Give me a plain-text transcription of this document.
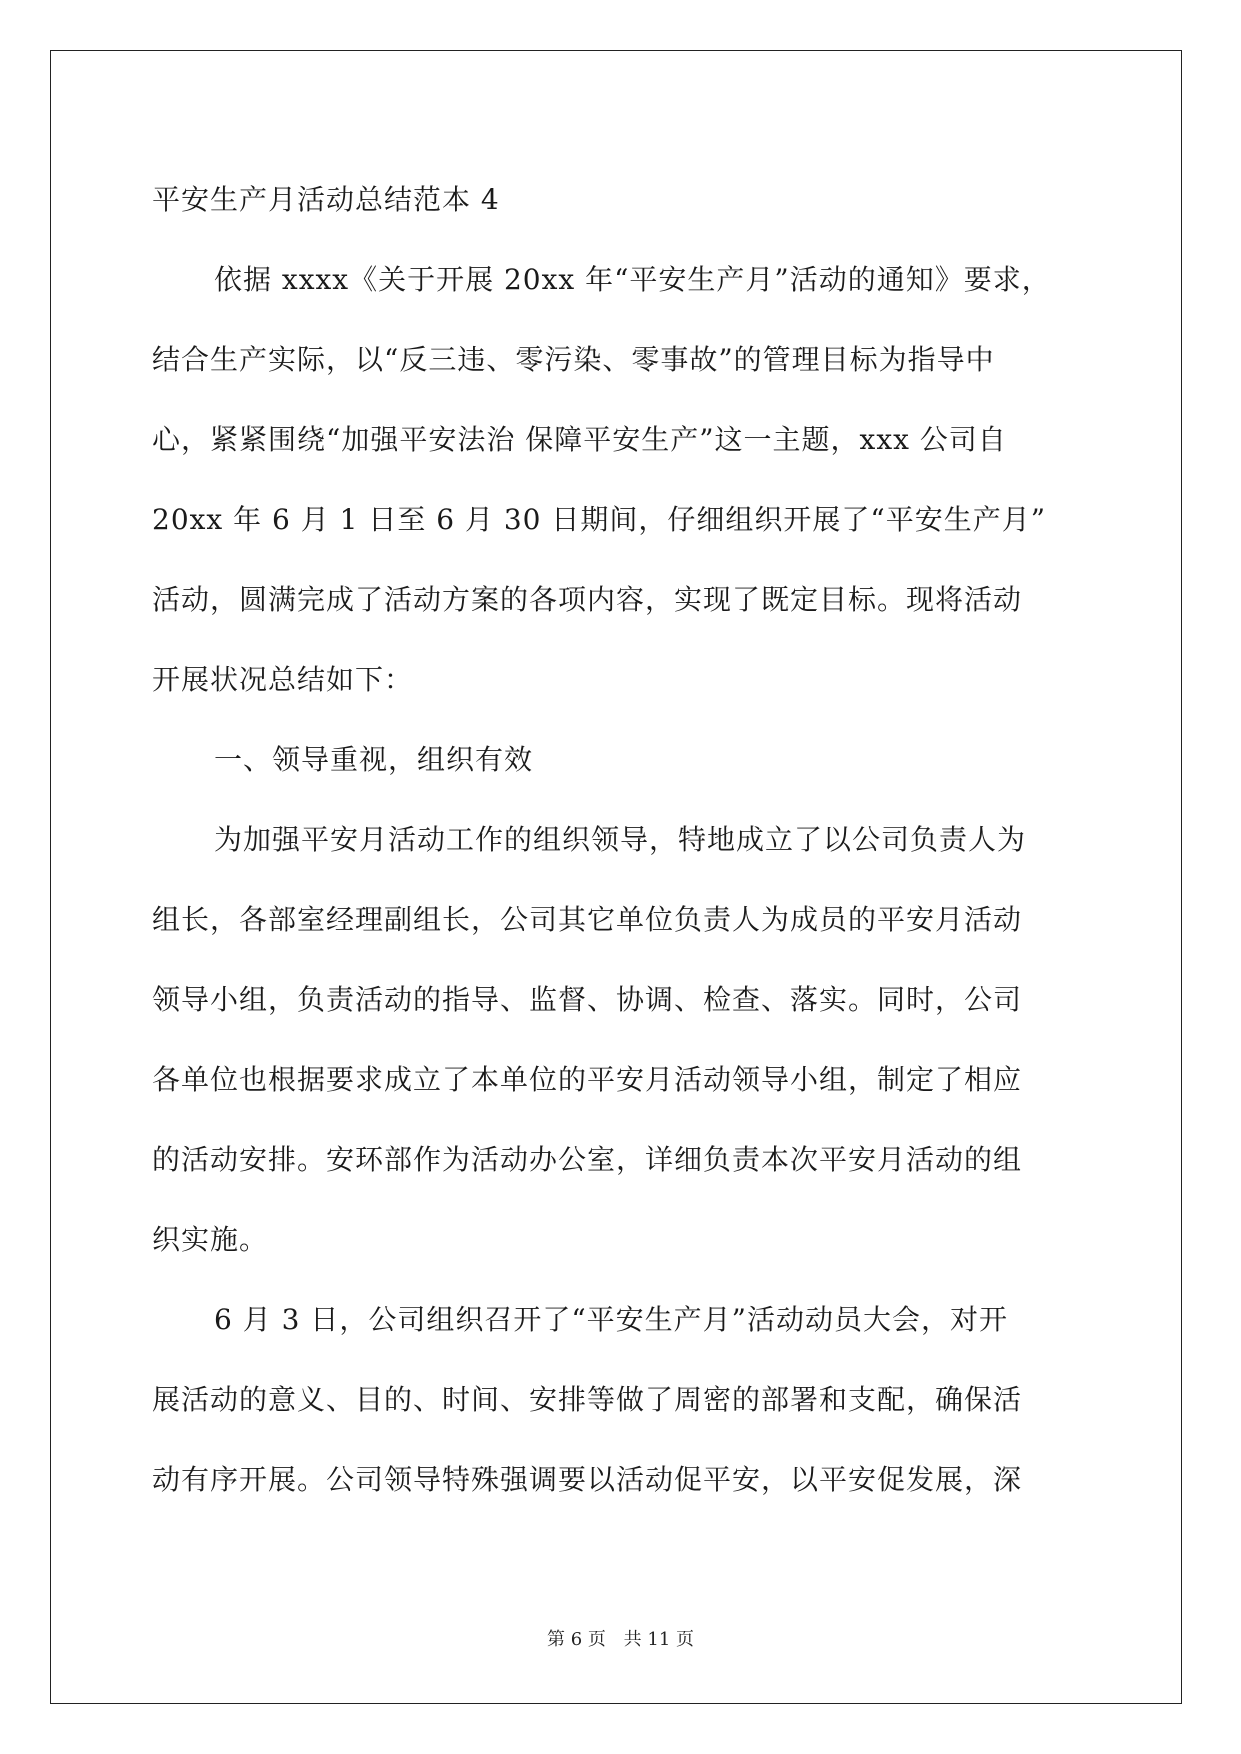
平安生产月活动总结范本 4
依据 xxxx《关于开展 20xx 年“平安生产月”活动的通知》要求，
结合生产实际，以“反三违、零污染、零事故”的管理目标为指导中
心，紧紧围绕“加强平安法治 保障平安生产”这一主题，xxx 公司自
20xx 年 6 月 1 日至 6 月 30 日期间，仔细组织开展了“平安生产月”
活动，圆满完成了活动方案的各项内容，实现了既定目标。现将活动
开展状况总结如下：
一、领导重视，组织有效
为加强平安月活动工作的组织领导，特地成立了以公司负责人为
组长，各部室经理副组长，公司其它单位负责人为成员的平安月活动
领导小组，负责活动的指导、监督、协调、检查、落实。同时，公司
各单位也根据要求成立了本单位的平安月活动领导小组，制定了相应
的活动安排。安环部作为活动办公室，详细负责本次平安月活动的组
织实施。
6 月 3 日，公司组织召开了“平安生产月”活动动员大会，对开
展活动的意义、目的、时间、安排等做了周密的部署和支配，确保活
动有序开展。公司领导特殊强调要以活动促平安，以平安促发展，深
第 6 页 共 11 页
